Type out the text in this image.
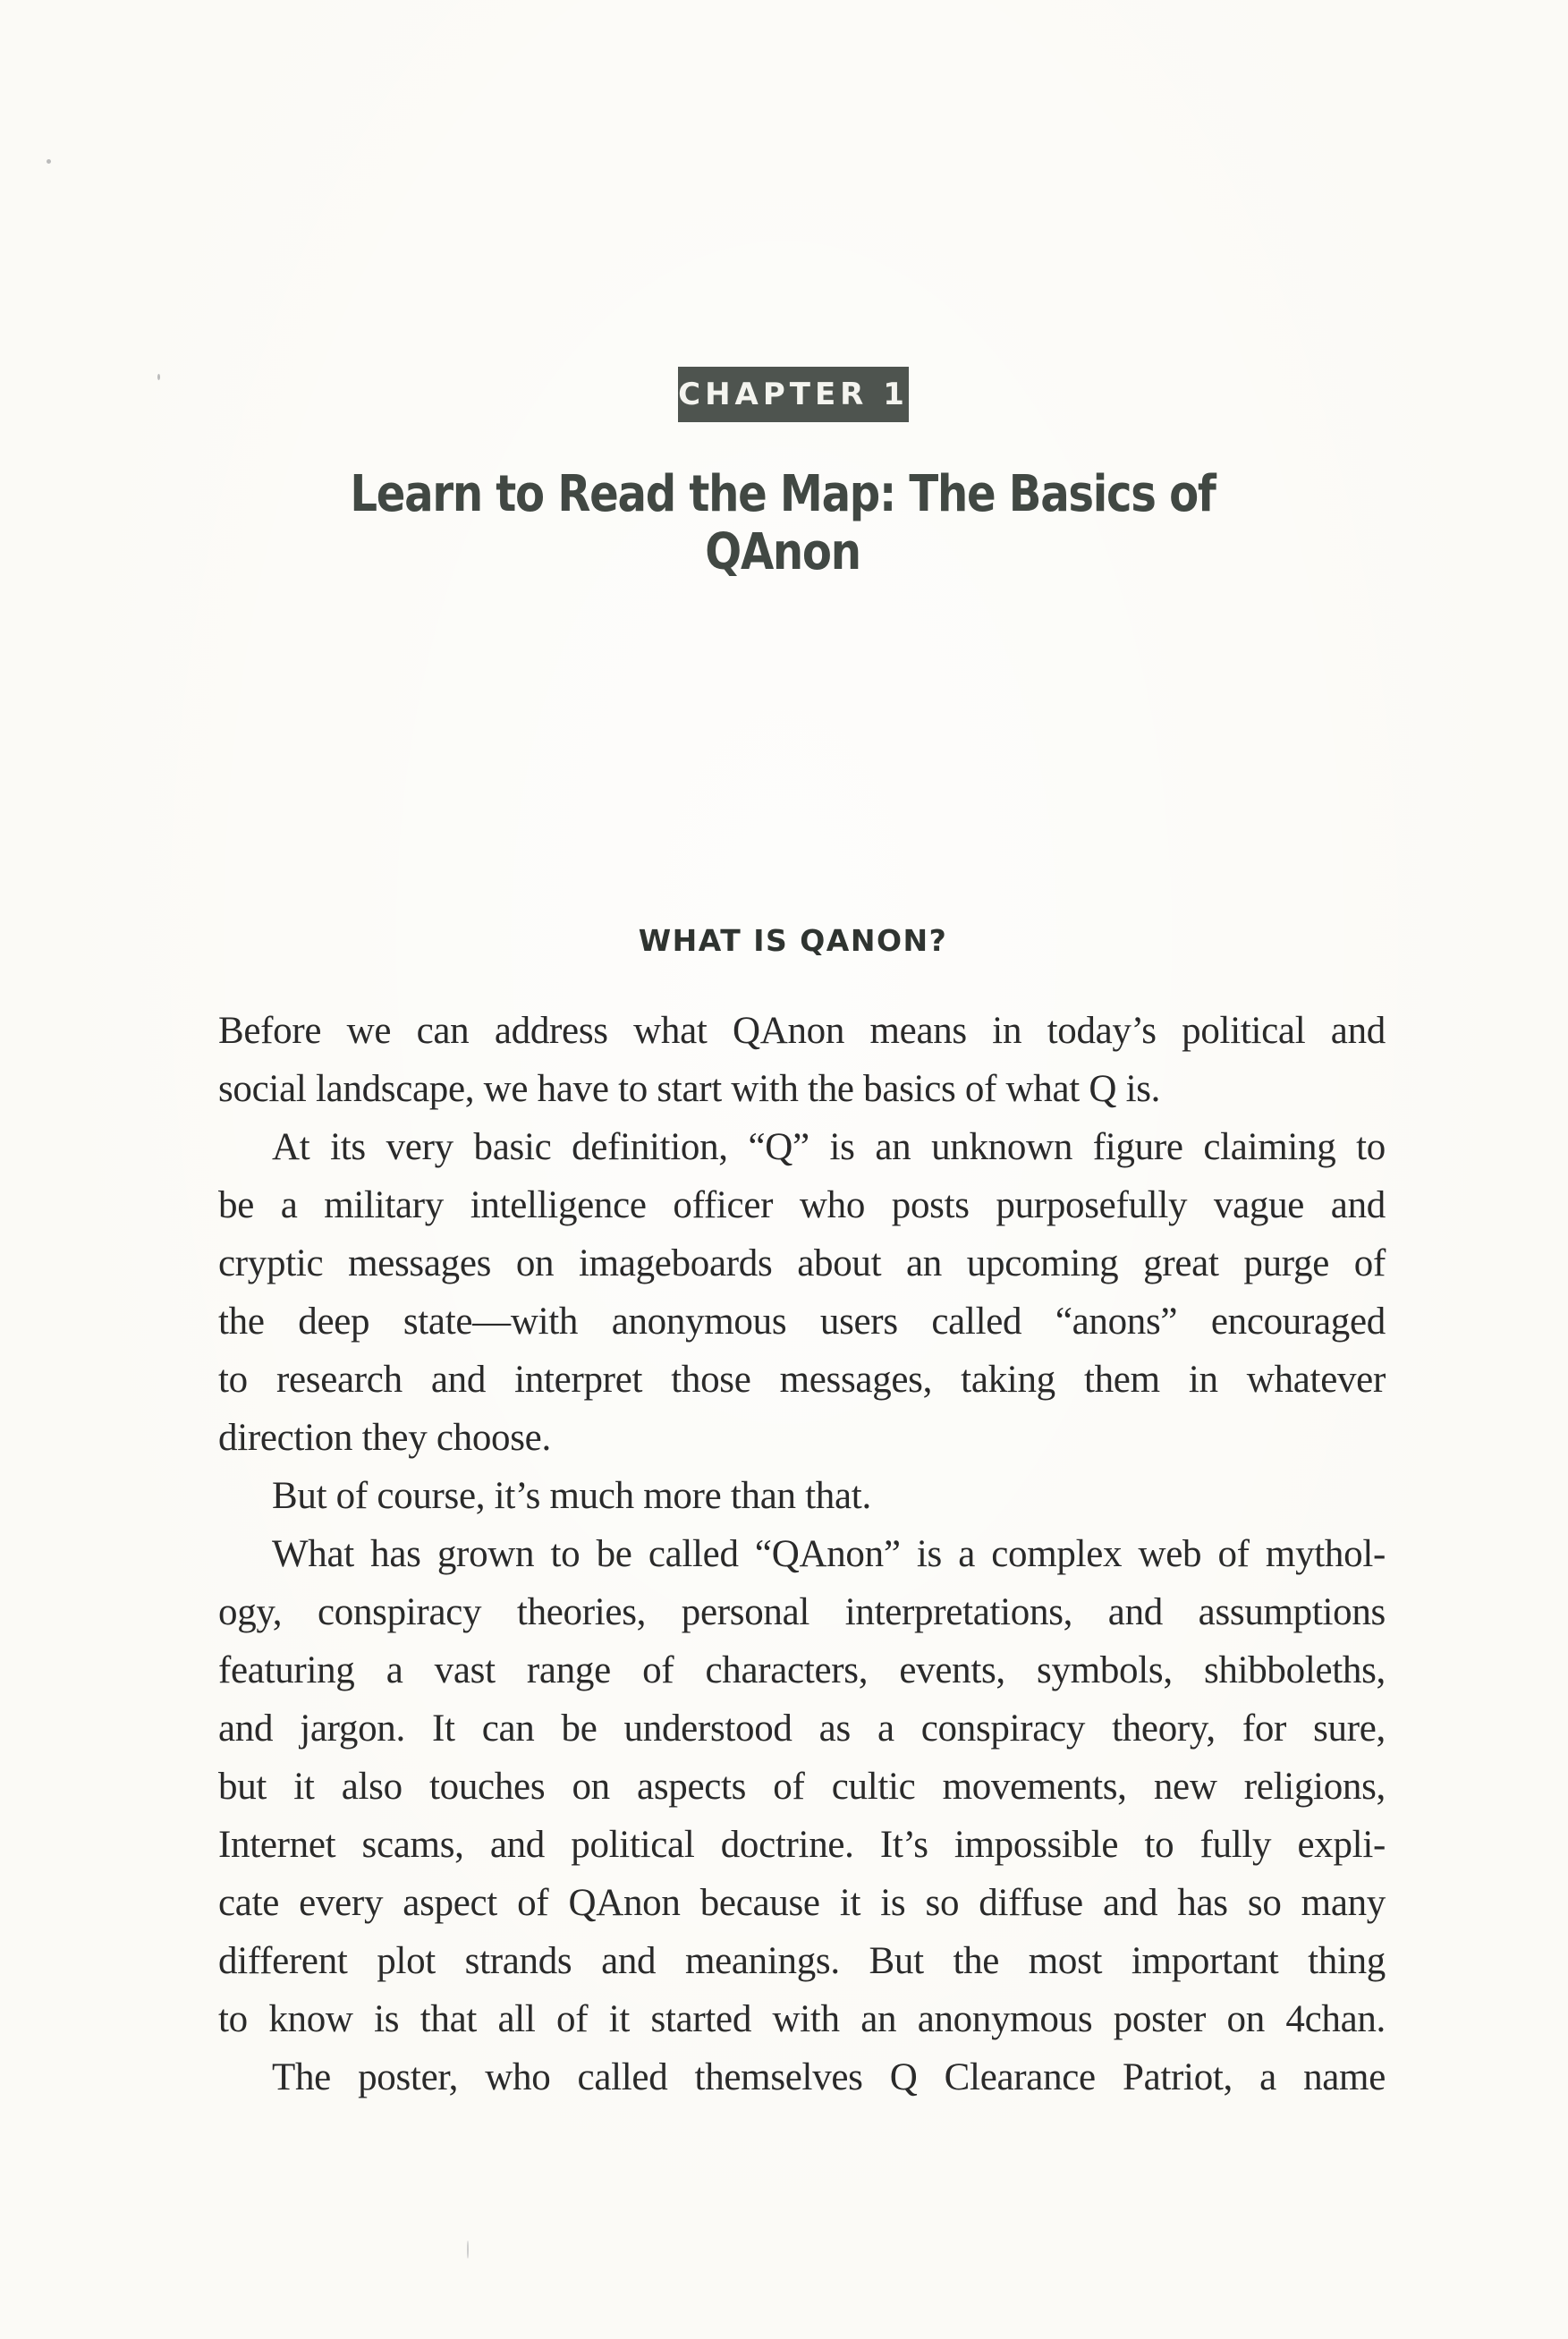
CHAPTER 1
Learn to Read the Map: The Basics of QAnon
WHAT IS QANON?
Before we can address what QAnon means in today’s political and
social landscape, we have to start with the basics of what Q is.
At its very basic definition, “Q” is an unknown figure claiming to
be a military intelligence officer who posts purposefully vague and
cryptic messages on imageboards about an upcoming great purge of
the deep state—with anonymous users called “anons” encouraged
to research and interpret those messages, taking them in whatever
direction they choose.
But of course, it’s much more than that.
What has grown to be called “QAnon” is a complex web of mythol-
ogy, conspiracy theories, personal interpretations, and assumptions
featuring a vast range of characters, events, symbols, shibboleths,
and jargon. It can be understood as a conspiracy theory, for sure,
but it also touches on aspects of cultic movements, new religions,
Internet scams, and political doctrine. It’s impossible to fully expli-
cate every aspect of QAnon because it is so diffuse and has so many
different plot strands and meanings. But the most important thing
to know is that all of it started with an anonymous poster on 4chan.
The poster, who called themselves Q Clearance Patriot, a name
